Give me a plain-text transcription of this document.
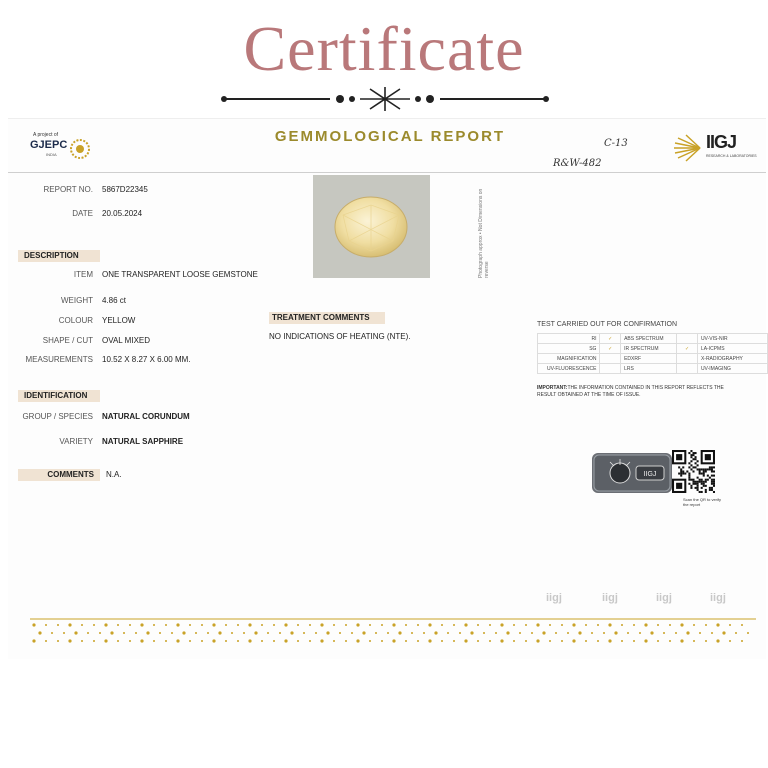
Certificate
A project of
GJEPC
INDIA
GEMMOLOGICAL REPORT	C-13
R&W-482
IIGJ
RESEARCH & LABORATORIES
REPORT NO. 5867D22345
DATE 20.05.2024	Photograph approx • Not Dimensions on reverse
DESCRIPTION
ITEM ONE TRANSPARENT LOOSE GEMSTONE
WEIGHT 4.86 ct
COLOUR YELLOW
SHAPE / CUT OVAL MIXED
MEASUREMENTS 10.52 X 8.27 X 6.00 MM.
IDENTIFICATION
GROUP / SPECIES NATURAL CORUNDUM
VARIETY NATURAL SAPPHIRE
COMMENTS	N.A.
TREATMENT COMMENTS
NO INDICATIONS OF HEATING (NTE).
TEST CARRIED OUT FOR CONFIRMATION
RI	✓	ABS SPECTRUM		UV-VIS-NIR
SG	✓	IR SPECTRUM	✓	LA-ICPMS
MAGNIFICATION		EDXRF		X-RADIOGRAPHY
UV-FLUORESCENCE		LRS		UV-IMAGING
IMPORTANT:THE INFORMATION CONTAINED IN THIS REPORT REFLECTS THE RESULT OBTAINED AT THE TIME OF ISSUE.
IIGJ
Scan the QR to verify the report
iigj	iigj	iigj	iigj
